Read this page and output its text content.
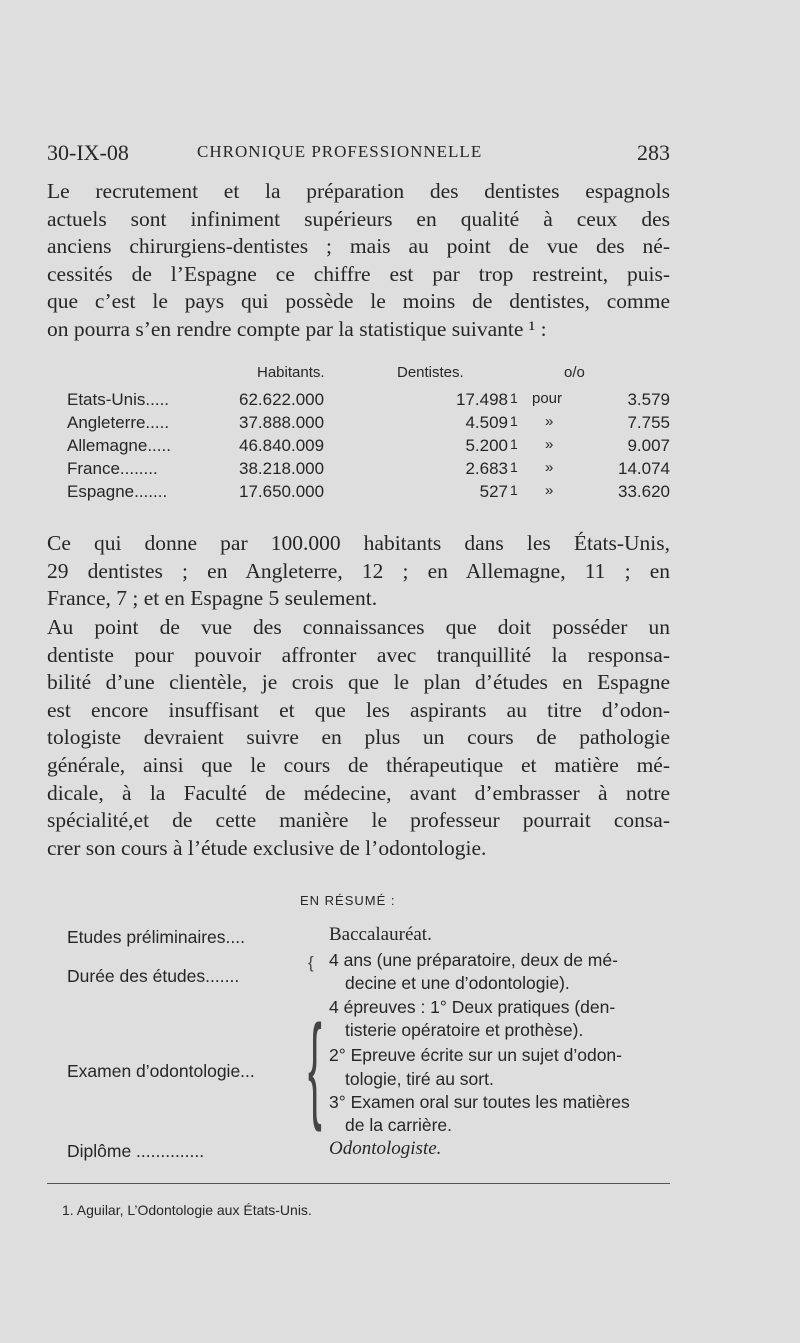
30-IX-08	CHRONIQUE PROFESSIONNELLE	283
Le recrutement et la préparation des dentistes espagnols
actuels sont infiniment supérieurs en qualité à ceux des
anciens chirurgiens-dentistes ; mais au point de vue des né-
cessités de l’Espagne ce chiffre est par trop restreint, puis-
que c’est le pays qui possède le moins de dentistes, comme
on pourra s’en rendre compte par la statistique suivante ¹ :
Habitants.	Dentistes.	o/o
Etats-Unis.....	62.622.000	17.498 1 pour	3.579
Angleterre.....	37.888.000	4.509 1 »	7.755
Allemagne.....	46.840.009	5.200 1 »	9.007
France........	38.218.000	2.683 1 »	14.074
Espagne.......	17.650.000	527 1 »	33.620
Ce qui donne par 100.000 habitants dans les États-Unis,
29 dentistes ; en Angleterre, 12 ; en Allemagne, 11 ; en
France, 7 ; et en Espagne 5 seulement.
Au point de vue des connaissances que doit posséder un
dentiste pour pouvoir affronter avec tranquillité la responsa-
bilité d’une clientèle, je crois que le plan d’études en Espagne
est encore insuffisant et que les aspirants au titre d’odon-
tologiste devraient suivre en plus un cours de pathologie
générale, ainsi que le cours de thérapeutique et matière mé-
dicale, à la Faculté de médecine, avant d’embrasser à notre
spécialité,et de cette manière le professeur pourrait consa-
crer son cours à l’étude exclusive de l’odontologie.
EN RÉSUMÉ :
Etudes préliminaires....	Baccalauréat.
Durée des études.......
{ 4 ans (une préparatoire, deux de mé-
decine et une d’odontologie).
Examen d’odontologie... { 4 épreuves : 1° Deux pratiques (den-
tisterie opératoire et prothèse).
2° Epreuve écrite sur un sujet d’odon-
tologie, tiré au sort.
3° Examen oral sur toutes les matières
de la carrière.
Diplôme ..............	Odontologiste.
1. Aguilar, L’Odontologie aux États-Unis.
